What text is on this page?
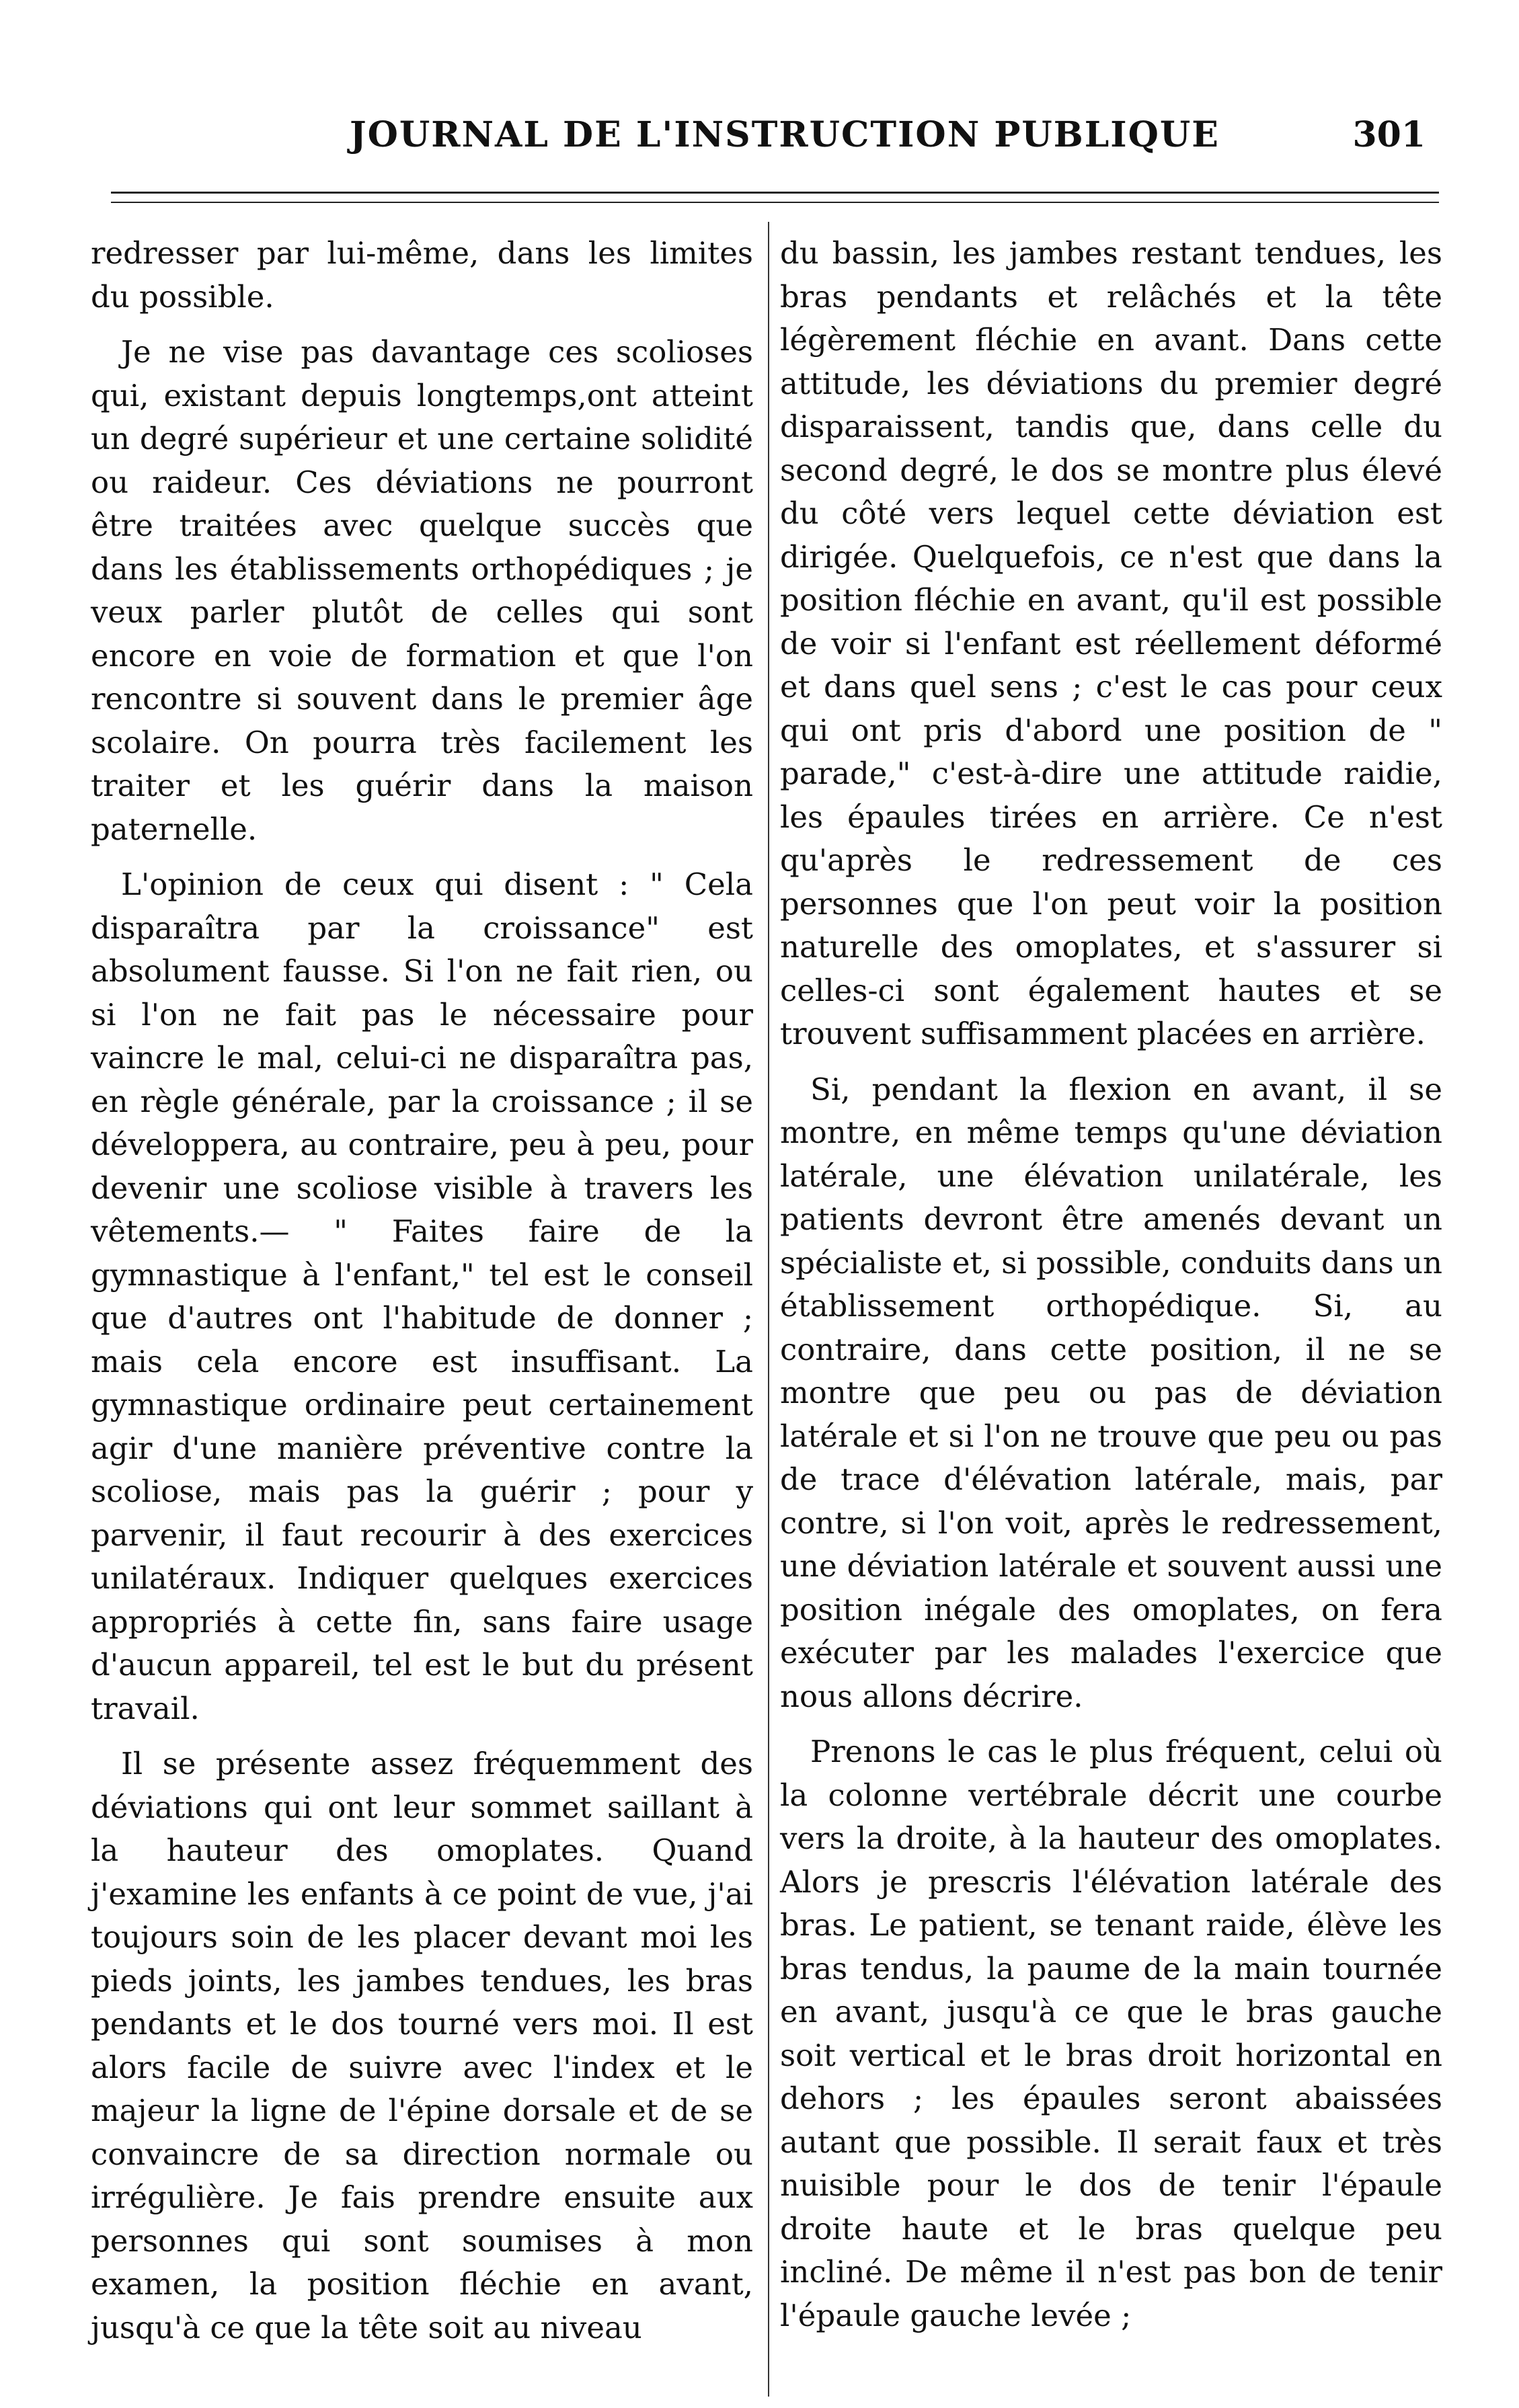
JOURNAL DE L'INSTRUCTION PUBLIQUE	301

redresser par lui-même, dans les limites du possible.

Je ne vise pas davantage ces scolioses qui, existant depuis longtemps,ont atteint un degré supérieur et une certaine solidité ou raideur. Ces déviations ne pourront être traitées avec quelque succès que dans les établissements orthopédiques ; je veux parler plutôt de celles qui sont encore en voie de formation et que l'on rencontre si souvent dans le premier âge scolaire. On pourra très facilement les traiter et les guérir dans la maison paternelle.

L'opinion de ceux qui disent : " Cela disparaîtra par la croissance" est absolument fausse. Si l'on ne fait rien, ou si l'on ne fait pas le nécessaire pour vaincre le mal, celui-ci ne disparaîtra pas, en règle générale, par la croissance ; il se développera, au contraire, peu à peu, pour devenir une scoliose visible à travers les vêtements.— " Faites faire de la gymnastique à l'enfant," tel est le conseil que d'autres ont l'habitude de donner ; mais cela encore est insuffisant. La gymnastique ordinaire peut certainement agir d'une manière préventive contre la scoliose, mais pas la guérir ; pour y parvenir, il faut recourir à des exercices unilatéraux. Indiquer quelques exercices appropriés à cette fin, sans faire usage d'aucun appareil, tel est le but du présent travail.

Il se présente assez fréquemment des déviations qui ont leur sommet saillant à la hauteur des omoplates. Quand j'examine les enfants à ce point de vue, j'ai toujours soin de les placer devant moi les pieds joints, les jambes tendues, les bras pendants et le dos tourné vers moi. Il est alors facile de suivre avec l'index et le majeur la ligne de l'épine dorsale et de se convaincre de sa direction normale ou irrégulière. Je fais prendre ensuite aux personnes qui sont soumises à mon examen, la position fléchie en avant, jusqu'à ce que la tête soit au niveau

du bassin, les jambes restant tendues, les bras pendants et relâchés et la tête légèrement fléchie en avant. Dans cette attitude, les déviations du premier degré disparaissent, tandis que, dans celle du second degré, le dos se montre plus élevé du côté vers lequel cette déviation est dirigée. Quelquefois, ce n'est que dans la position fléchie en avant, qu'il est possible de voir si l'enfant est réellement déformé et dans quel sens ; c'est le cas pour ceux qui ont pris d'abord une position de " parade," c'est-à-dire une attitude raidie, les épaules tirées en arrière. Ce n'est qu'après le redressement de ces personnes que l'on peut voir la position naturelle des omoplates, et s'assurer si celles-ci sont également hautes et se trouvent suffisamment placées en arrière.

Si, pendant la flexion en avant, il se montre, en même temps qu'une déviation latérale, une élévation unilatérale, les patients devront être amenés devant un spécialiste et, si possible, conduits dans un établissement orthopédique. Si, au contraire, dans cette position, il ne se montre que peu ou pas de déviation latérale et si l'on ne trouve que peu ou pas de trace d'élévation latérale, mais, par contre, si l'on voit, après le redressement, une déviation latérale et souvent aussi une position inégale des omoplates, on fera exécuter par les malades l'exercice que nous allons décrire.

Prenons le cas le plus fréquent, celui où la colonne vertébrale décrit une courbe vers la droite, à la hauteur des omoplates. Alors je prescris l'élévation latérale des bras. Le patient, se tenant raide, élève les bras tendus, la paume de la main tournée en avant, jusqu'à ce que le bras gauche soit vertical et le bras droit horizontal en dehors ; les épaules seront abaissées autant que possible. Il serait faux et très nuisible pour le dos de tenir l'épaule droite haute et le bras quelque peu incliné. De même il n'est pas bon de tenir l'épaule gauche levée ;
